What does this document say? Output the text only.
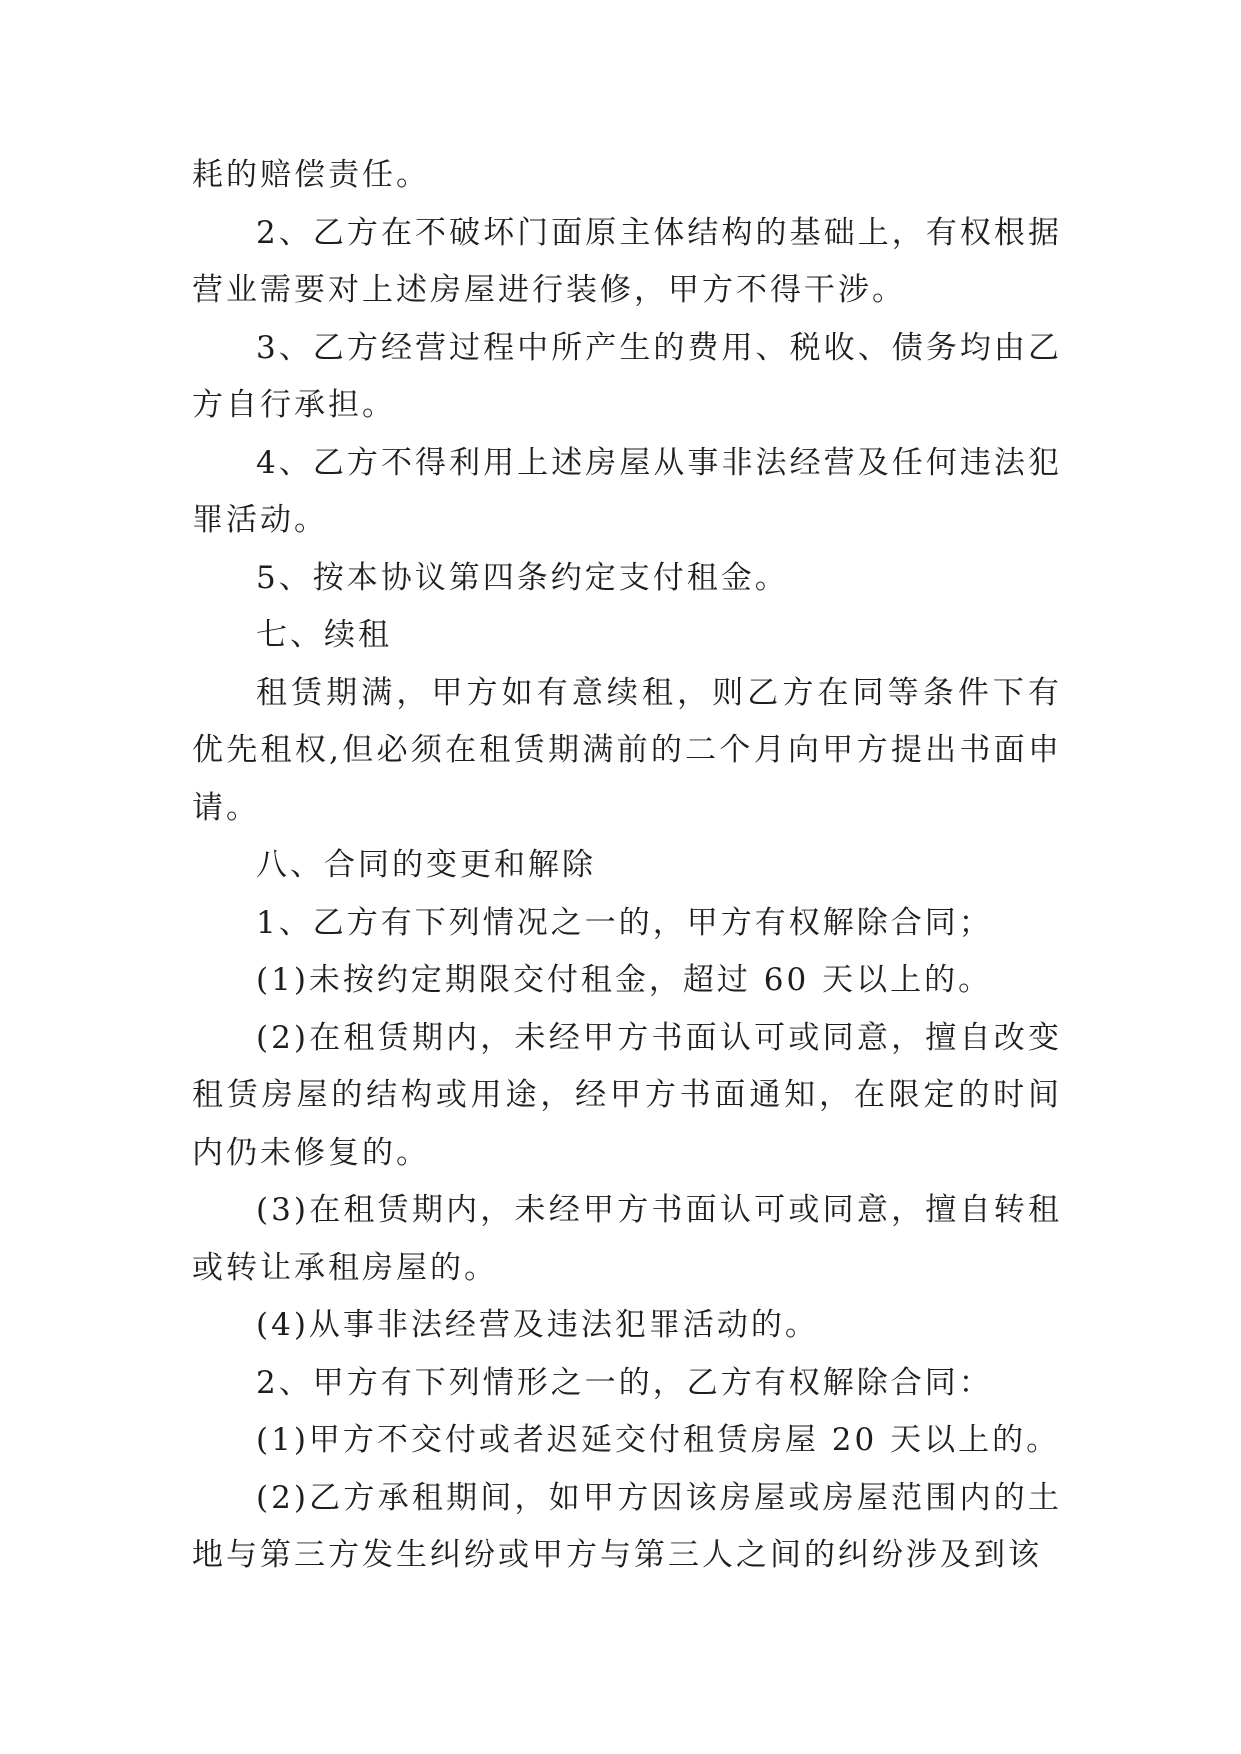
耗的赔偿责任。

2、乙方在不破坏门面原主体结构的基础上，有权根据营业需要对上述房屋进行装修，甲方不得干涉。

3、乙方经营过程中所产生的费用、税收、债务均由乙方自行承担。

4、乙方不得利用上述房屋从事非法经营及任何违法犯罪活动。

5、按本协议第四条约定支付租金。

七、续租

租赁期满，甲方如有意续租，则乙方在同等条件下有优先租权,但必须在租赁期满前的二个月向甲方提出书面申请。

八、合同的变更和解除

1、乙方有下列情况之一的，甲方有权解除合同；

(1)未按约定期限交付租金，超过 60 天以上的。

(2)在租赁期内，未经甲方书面认可或同意，擅自改变租赁房屋的结构或用途，经甲方书面通知，在限定的时间内仍未修复的。

(3)在租赁期内，未经甲方书面认可或同意，擅自转租或转让承租房屋的。

(4)从事非法经营及违法犯罪活动的。

2、甲方有下列情形之一的，乙方有权解除合同：

(1)甲方不交付或者迟延交付租赁房屋 20 天以上的。

(2)乙方承租期间，如甲方因该房屋或房屋范围内的土地与第三方发生纠纷或甲方与第三人之间的纠纷涉及到该
